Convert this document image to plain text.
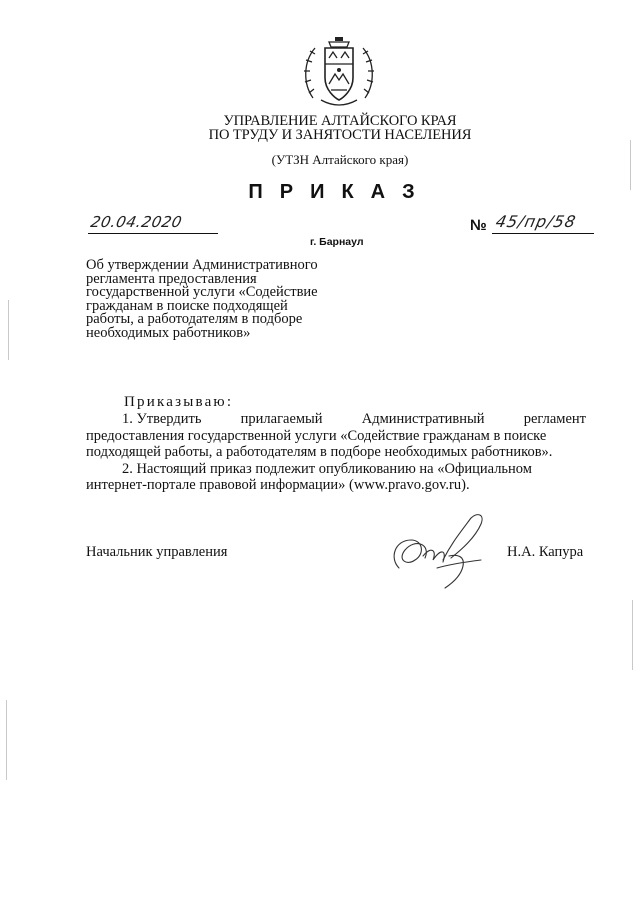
УПРАВЛЕНИЕ АЛТАЙСКОГО КРАЯ
ПО ТРУДУ И ЗАНЯТОСТИ НАСЕЛЕНИЯ
(УТЗН Алтайского края)
ПРИКАЗ
20.04.2020	№ 45/пр/58
г. Барнаул
Об утверждении Административного
регламента предоставления
государственной услуги «Содействие
гражданам в поиске подходящей
работы, а работодателям в подборе
необходимых работников»
Приказываю:
1. Утвердить	прилагаемый	Административный	регламент
предоставления государственной услуги «Содействие гражданам в поиске
подходящей работы, а работодателям в подборе необходимых работников».
2. Настоящий приказ подлежит опубликованию на «Официальном
интернет-портале правовой информации» (www.pravo.gov.ru).
Начальник управления	Н.А. Капура
